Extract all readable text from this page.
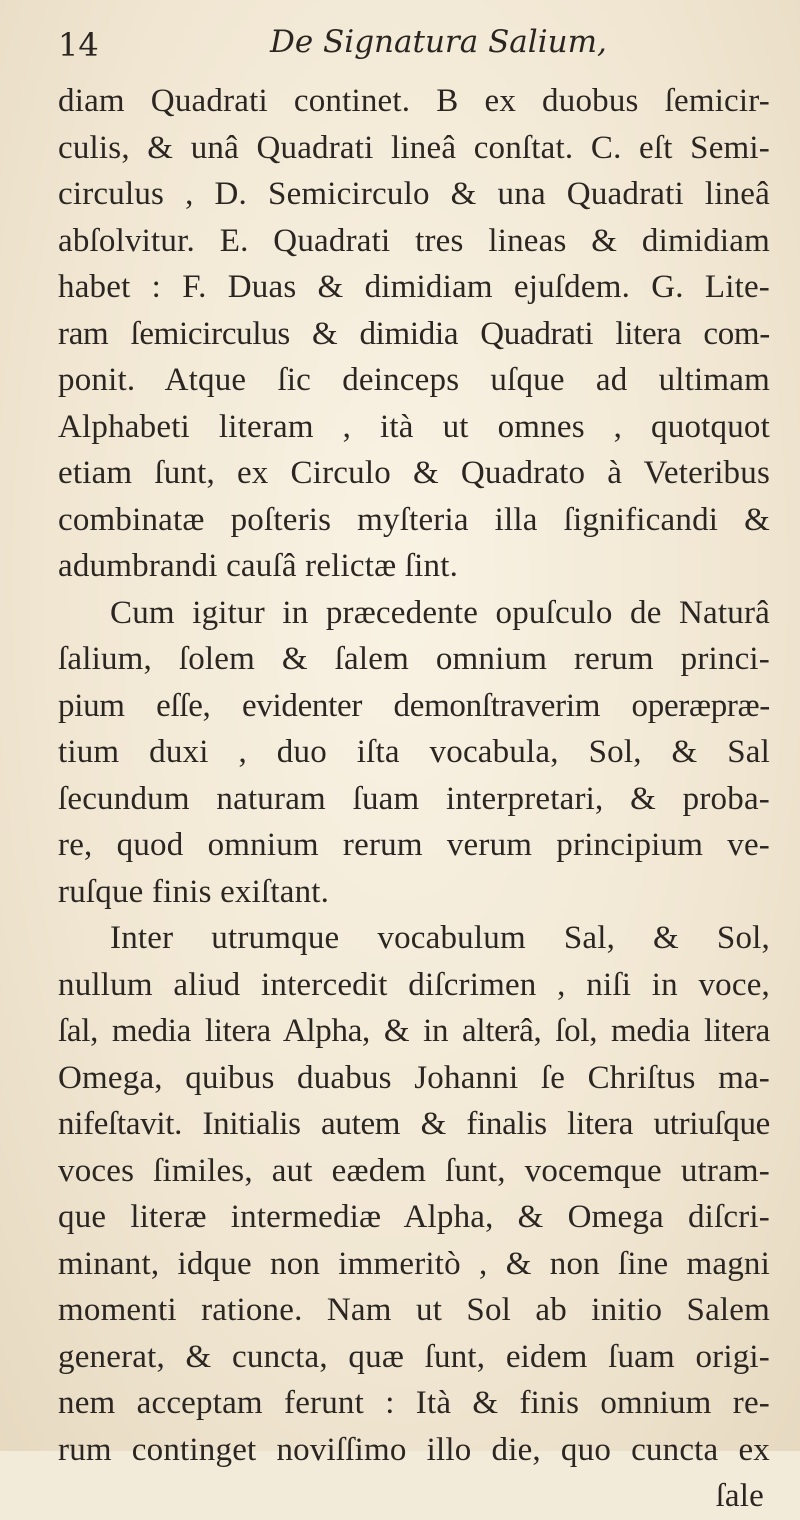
14	De Signatura Salium,
diam Quadrati continet. B ex duobus ſemicir-
culis, & unâ Quadrati lineâ conſtat. C. eſt Semi-
circulus , D. Semicirculo & una Quadrati lineâ
abſolvitur. E. Quadrati tres lineas & dimidiam
habet : F. Duas & dimidiam ejuſdem. G. Lite-
ram ſemicirculus & dimidia Quadrati litera com-
ponit. Atque ſic deinceps uſque ad ultimam
Alphabeti literam , ità ut omnes , quotquot
etiam ſunt, ex Circulo & Quadrato à Veteribus
combinatæ poſteris myſteria illa ſignificandi &
adumbrandi cauſâ relictæ ſint.
Cum igitur in præcedente opuſculo de Naturâ
ſalium, ſolem & ſalem omnium rerum princi-
pium eſſe, evidenter demonſtraverim operæpræ-
tium duxi , duo iſta vocabula, Sol, & Sal
ſecundum naturam ſuam interpretari, & proba-
re, quod omnium rerum verum principium ve-
ruſque finis exiſtant.
Inter utrumque vocabulum Sal, & Sol,
nullum aliud intercedit diſcrimen , niſi in voce,
ſal, media litera Alpha, & in alterâ, ſol, media litera
Omega, quibus duabus Johanni ſe Chriſtus ma-
nifeſtavit. Initialis autem & finalis litera utriuſque
voces ſimiles, aut eædem ſunt, vocemque utram-
que literæ intermediæ Alpha, & Omega diſcri-
minant, idque non immeritò , & non ſine magni
momenti ratione. Nam ut Sol ab initio Salem
generat, & cuncta, quæ ſunt, eidem ſuam origi-
nem acceptam ferunt : Ità & finis omnium re-
rum continget noviſſimo illo die, quo cuncta ex
ſale
